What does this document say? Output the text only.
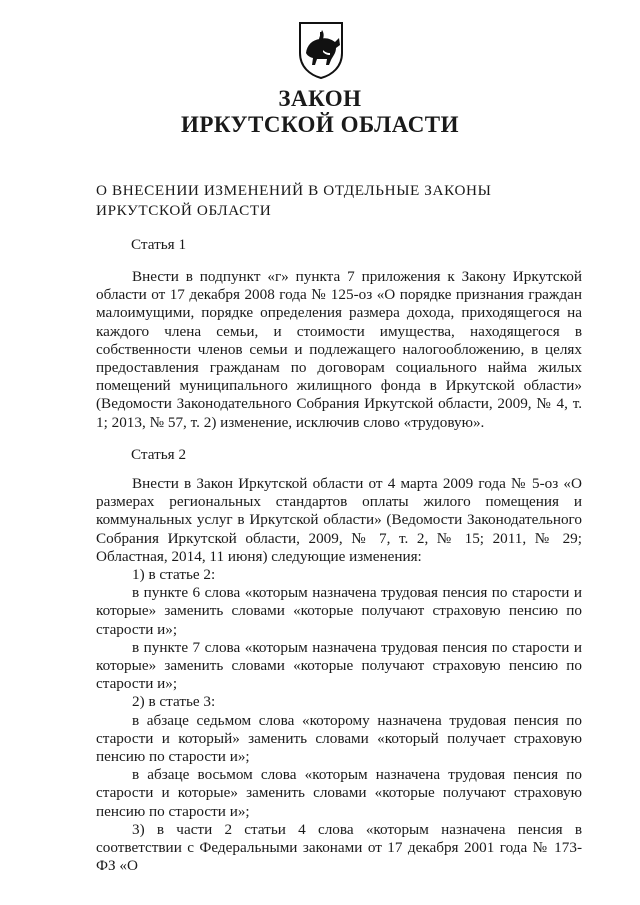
ЗАКОН
ИРКУТСКОЙ ОБЛАСТИ
О ВНЕСЕНИИ ИЗМЕНЕНИЙ В ОТДЕЛЬНЫЕ ЗАКОНЫ ИРКУТСКОЙ ОБЛАСТИ
Статья 1

Внести в подпункт «г» пункта 7 приложения к Закону Иркутской области от 17 декабря 2008 года № 125-оз «О порядке признания граждан малоимущими, порядке определения размера дохода, приходящегося на каждого члена семьи, и стоимости имущества, находящегося в собственности членов семьи и подлежащего налогообложению, в целях предоставления гражданам по договорам социального найма жилых помещений муниципального жилищного фонда в Иркутской области» (Ведомости Законодательного Собрания Иркутской области, 2009, № 4, т. 1; 2013, № 57, т. 2) изменение, исключив слово «трудовую».

Статья 2

Внести в Закон Иркутской области от 4 марта 2009 года № 5-оз «О размерах региональных стандартов оплаты жилого помещения и коммунальных услуг в Иркутской области» (Ведомости Законодательного Собрания Иркутской области, 2009, № 7, т. 2, № 15; 2011, № 29; Областная, 2014, 11 июня) следующие изменения:

1) в статье 2:

в пункте 6 слова «которым назначена трудовая пенсия по старости и которые» заменить словами «которые получают страховую пенсию по старости и»;

в пункте 7 слова «которым назначена трудовая пенсия по старости и которые» заменить словами «которые получают страховую пенсию по старости и»;

2) в статье 3:

в абзаце седьмом слова «которому назначена трудовая пенсия по старости и который» заменить словами «который получает страховую пенсию по старости и»;

в абзаце восьмом слова «которым назначена трудовая пенсия по старости и которые» заменить словами «которые получают страховую пенсию по старости и»;

3) в части 2 статьи 4 слова «которым назначена пенсия в соответствии с Федеральными законами от 17 декабря 2001 года № 173-ФЗ «О
